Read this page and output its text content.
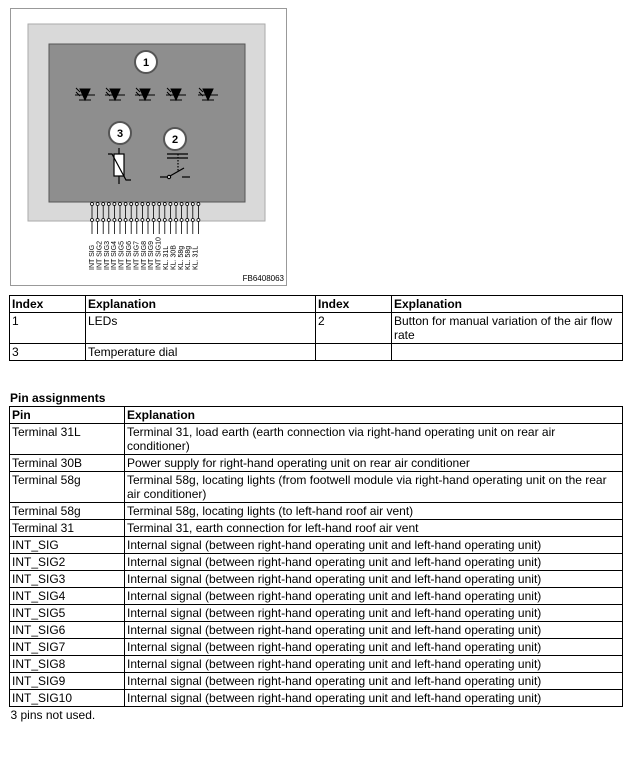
1
2
3
INT SIG INT SIG2 INT SIG3 INT SIG4 INT SIG5 INT SIG6 INT SIG7 INT SIG8 INT SIG9 INT SIG10 KL. 31L KL. 30B KL. 58g KL. 58g KL. 31L
FB6408063
Index	Explanation	Index	Explanation
1	LEDs	2	Button for manual variation of the air flow rate
3	Temperature dial		
Pin assignments
Pin	Explanation
Terminal 31L	Terminal 31, load earth (earth connection via right-hand operating unit on rear air conditioner)
Terminal 30B	Power supply for right-hand operating unit on rear air conditioner
Terminal 58g	Terminal 58g, locating lights (from footwell module via right-hand operating unit on the rear air conditioner)
Terminal 58g	Terminal 58g, locating lights (to left-hand roof air vent)
Terminal 31	Terminal 31, earth connection for left-hand roof air vent
INT_SIG	Internal signal (between right-hand operating unit and left-hand operating unit)
INT_SIG2	Internal signal (between right-hand operating unit and left-hand operating unit)
INT_SIG3	Internal signal (between right-hand operating unit and left-hand operating unit)
INT_SIG4	Internal signal (between right-hand operating unit and left-hand operating unit)
INT_SIG5	Internal signal (between right-hand operating unit and left-hand operating unit)
INT_SIG6	Internal signal (between right-hand operating unit and left-hand operating unit)
INT_SIG7	Internal signal (between right-hand operating unit and left-hand operating unit)
INT_SIG8	Internal signal (between right-hand operating unit and left-hand operating unit)
INT_SIG9	Internal signal (between right-hand operating unit and left-hand operating unit)
INT_SIG10	Internal signal (between right-hand operating unit and left-hand operating unit)
3 pins not used.	
